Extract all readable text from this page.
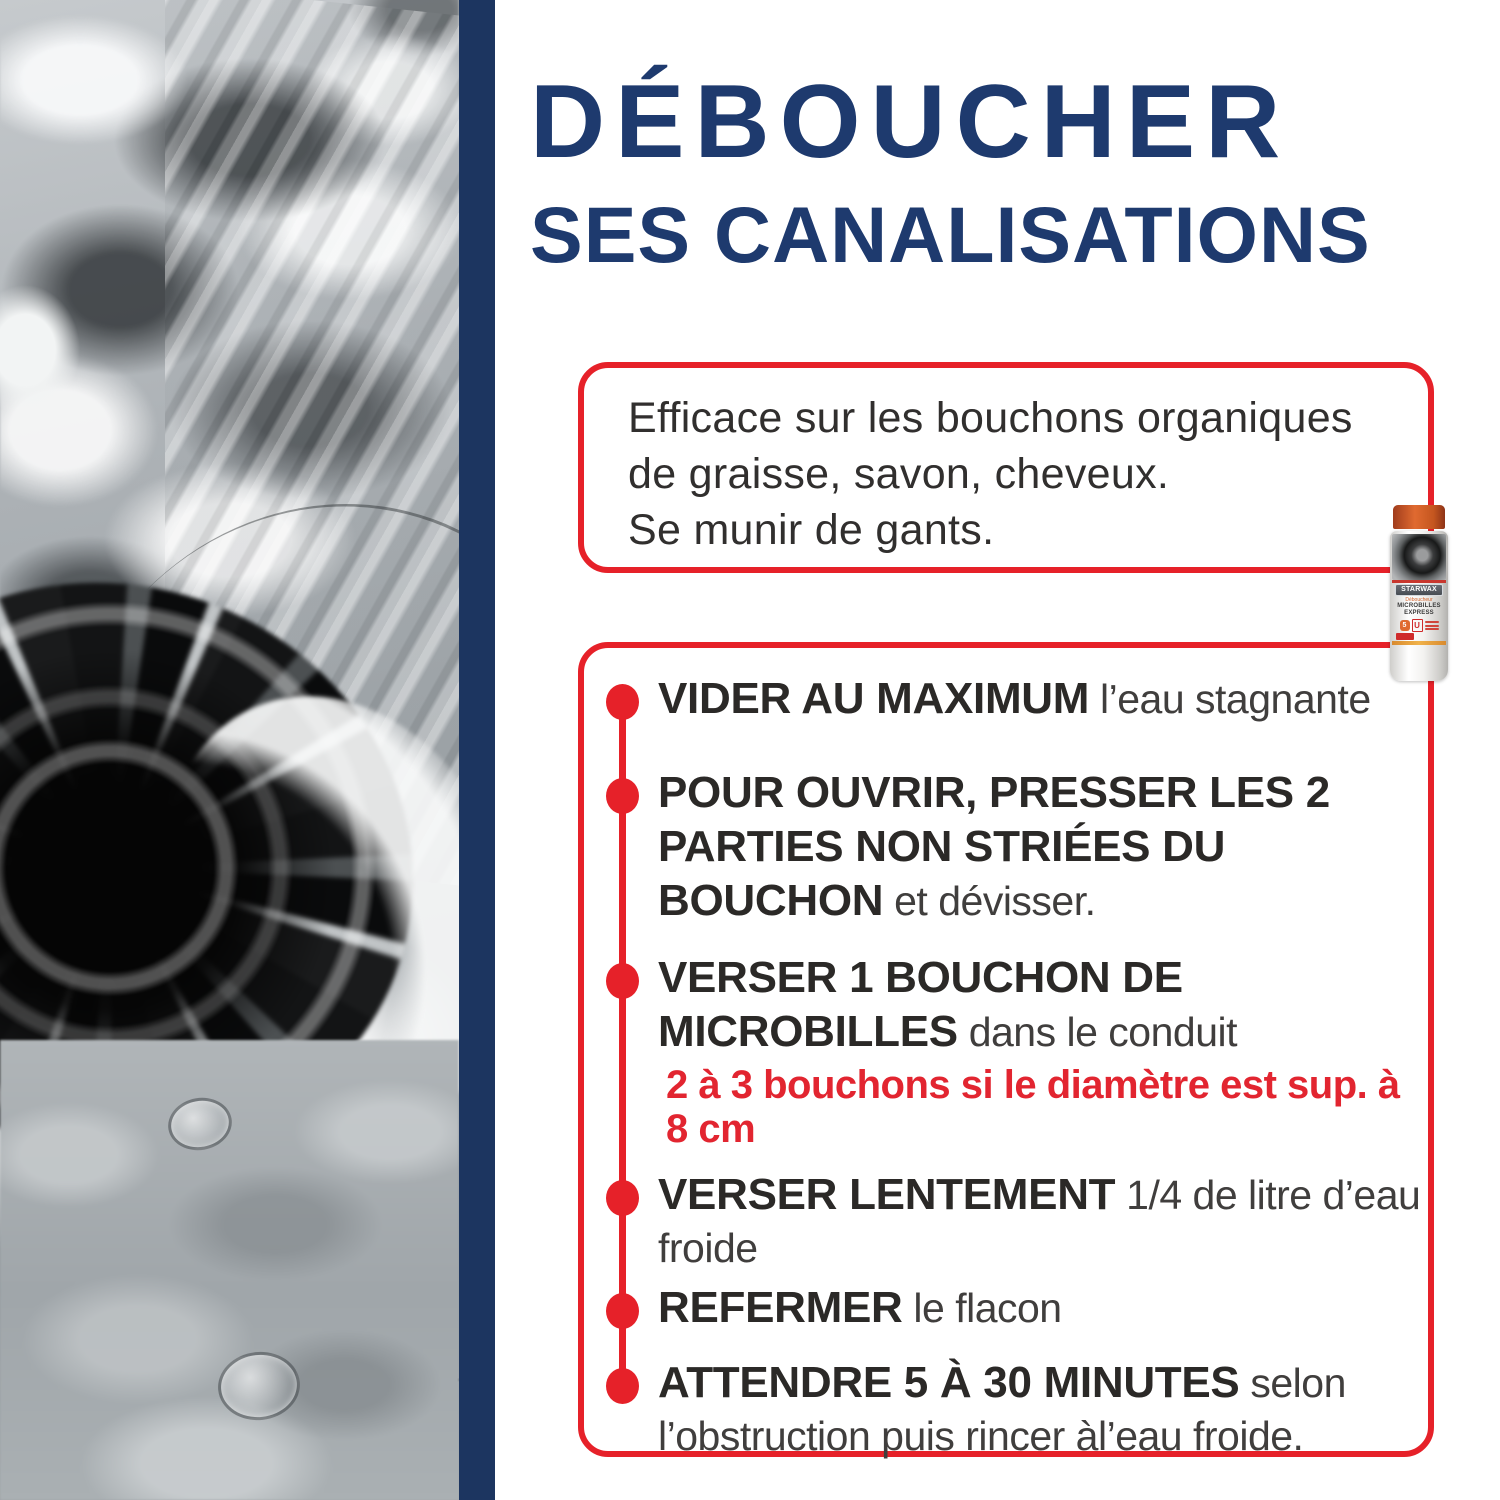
DÉBOUCHER
SES CANALISATIONS
Efficace sur les bouchons organiques
de graisse, savon, cheveux.
Se munir de gants.
VIDER AU MAXIMUM l’eau stagnante
POUR OUVRIR, PRESSER LES 2 PARTIES NON STRIÉES DU BOUCHON et dévisser.
VERSER 1 BOUCHON DE MICROBILLES dans le conduit
2 à 3 bouchons si le diamètre est sup. à 8 cm
VERSER LENTEMENT 1/4 de litre d’eau froide
REFERMER le flacon
ATTENDRE 5 À 30 MINUTES selon l’obstruction puis rincer àl’eau froide.
STARWAX
Déboucheur
MICROBILLES
EXPRESS
5 U
